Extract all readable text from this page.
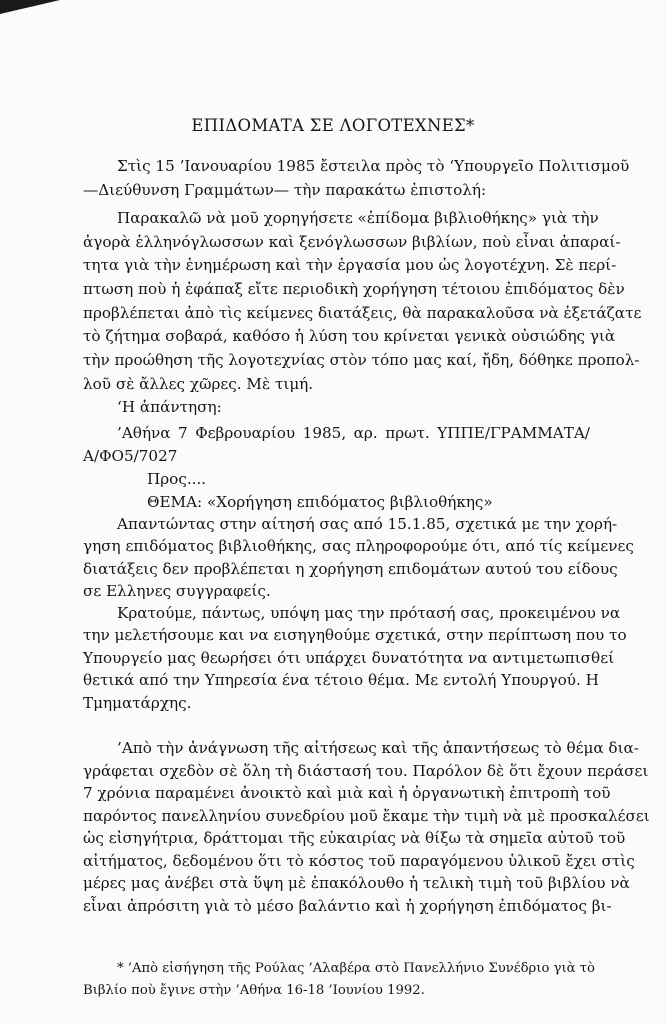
ΕΠΙΔΟΜΑΤΑ ΣΕ ΛΟΓΟΤΕΧΝΕΣ*
Στὶς 15 ’Ιανουαρίου 1985 ἔστειλα πρὸς τὸ ‘Υπουργεῖο Πολιτισμοῦ
—Διεύθυνση Γραμμάτων— τὴν παρακάτω ἐπιστολή:
Παρακαλῶ νὰ μοῦ χορηγήσετε «ἐπίδομα βιβλιοθήκης» γιὰ τὴν
ἀγορὰ ἑλληνόγλωσσων καὶ ξενόγλωσσων βιβλίων, ποὺ εἶναι ἀπαραί-
τητα γιὰ τὴν ἐνημέρωση καὶ τὴν ἐργασία μου ὡς λογοτέχνη. Σὲ περί-
πτωση ποὺ ἡ ἐφάπαξ εἴτε περιοδικὴ χορήγηση τέτοιου ἐπιδόματος δὲν
προβλέπεται ἀπὸ τὶς κείμενες διατάξεις, θὰ παρακαλοῦσα νὰ ἐξετάζατε
τὸ ζήτημα σοβαρά, καθόσο ἡ λύση του κρίνεται γενικὰ οὐσιώδης γιὰ
τὴν προώθηση τῆς λογοτεχνίας στὸν τόπο μας καί, ἤδη, δόθηκε προπολ-
λοῦ σὲ ἄλλες χῶρες. Μὲ τιμή.
‘Η ἀπάντηση:
’Αθήνα 7 Φεβρουαρίου 1985, αρ. πρωτ. ΥΠΠΕ/ΓΡΑΜΜΑΤΑ/
Α/ΦΟ5/7027
Προς....
ΘΕΜΑ: «Χορήγηση επιδόματος βιβλιοθήκης»
Απαντώντας στην αίτησή σας από 15.1.85, σχετικά με την χορή-
γηση επιδόματος βιβλιοθήκης, σας πληροφορούμε ότι, από τίς κείμενες
διατάξεις δεν προβλέπεται η χορήγηση επιδομάτων αυτού του είδους
σε Ελληνες συγγραφείς.
Κρατούμε, πάντως, υπόψη μας την πρότασή σας, προκειμένου να
την μελετήσουμε και να εισηγηθούμε σχετικά, στην περίπτωση που το
Υπουργείο μας θεωρήσει ότι υπάρχει δυνατότητα να αντιμετωπισθεί
θετικά από την Υπηρεσία ένα τέτοιο θέμα. Με εντολή Υπουργού. Η
Τμηματάρχης.
’Απὸ τὴν ἀνάγνωση τῆς αἰτήσεως καὶ τῆς ἀπαντήσεως τὸ θέμα δια-
γράφεται σχεδὸν σὲ ὅλη τὴ διάστασή του. Παρόλον δὲ ὅτι ἔχουν περάσει
7 χρόνια παραμένει ἀνοικτὸ καὶ μιὰ καὶ ἡ ὀργανωτικὴ ἐπιτροπὴ τοῦ
παρόντος πανελληνίου συνεδρίου μοῦ ἔκαμε τὴν τιμὴ νὰ μὲ προσκαλέσει
ὡς εἰσηγήτρια, δράττομαι τῆς εὐκαιρίας νὰ θίξω τὰ σημεῖα αὐτοῦ τοῦ
αἰτήματος, δεδομένου ὅτι τὸ κόστος τοῦ παραγόμενου ὑλικοῦ ἔχει στὶς
μέρες μας ἀνέβει στὰ ὕψη μὲ ἐπακόλουθο ἡ τελικὴ τιμὴ τοῦ βιβλίου νὰ
εἶναι ἀπρόσιτη γιὰ τὸ μέσο βαλάντιο καὶ ἡ χορήγηση ἐπιδόματος βι-
* ’Απὸ εἰσήγηση τῆς Ρούλας ’Αλαβέρα στὸ Πανελλήνιο Συνέδριο γιὰ τὸ
Βιβλίο ποὺ ἔγινε στὴν ’Αθήνα 16-18 ’Ιουνίου 1992.
